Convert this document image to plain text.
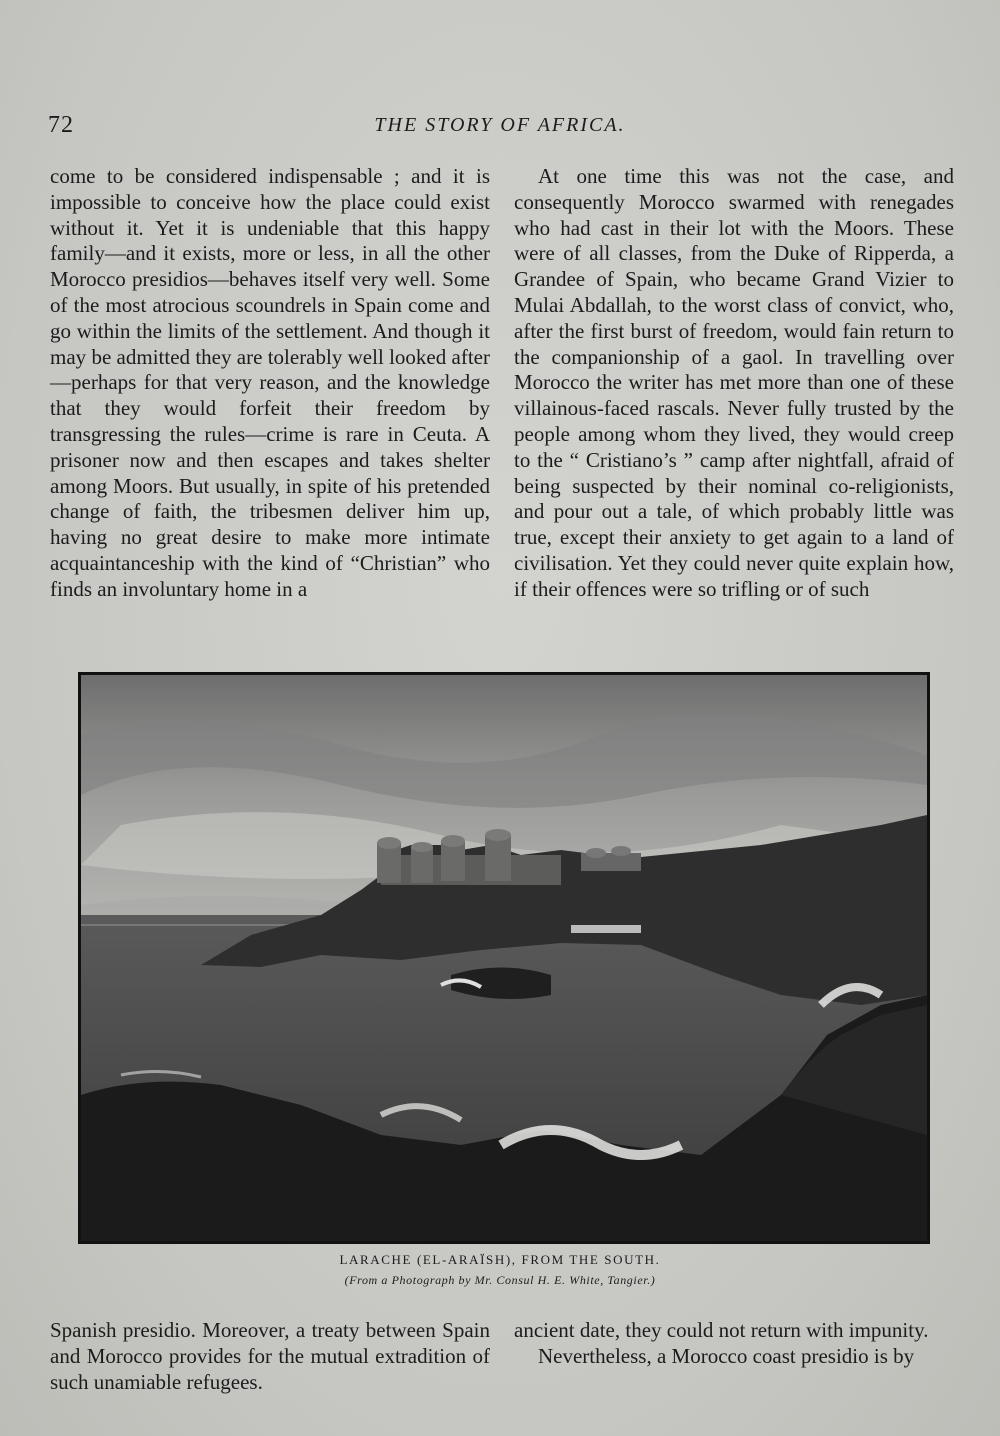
72	THE STORY OF AFRICA.

come to be considered indispensable ; and it is impossible to conceive how the place could exist without it. Yet it is undeniable that this happy family—and it exists, more or less, in all the other Morocco presidios—behaves itself very well. Some of the most atrocious scoundrels in Spain come and go within the limits of the settlement. And though it may be admitted they are tolerably well looked after—perhaps for that very reason, and the knowledge that they would forfeit their freedom by transgressing the rules—crime is rare in Ceuta. A prisoner now and then escapes and takes shelter among Moors. But usually, in spite of his pretended change of faith, the tribesmen deliver him up, having no great desire to make more intimate acquaintanceship with the kind of “Christian” who finds an involuntary home in a

At one time this was not the case, and consequently Morocco swarmed with renegades who had cast in their lot with the Moors. These were of all classes, from the Duke of Ripperda, a Grandee of Spain, who became Grand Vizier to Mulai Abdallah, to the worst class of convict, who, after the first burst of freedom, would fain return to the companionship of a gaol. In travelling over Morocco the writer has met more than one of these villainous-faced rascals. Never fully trusted by the people among whom they lived, they would creep to the “ Cristiano’s ” camp after nightfall, afraid of being suspected by their nominal co-religionists, and pour out a tale, of which probably little was true, except their anxiety to get again to a land of civilisation. Yet they could never quite explain how, if their offences were so trifling or of such

LARACHE (EL-ARAÏSH), FROM THE SOUTH.
(From a Photograph by Mr. Consul H. E. White, Tangier.)

Spanish presidio. Moreover, a treaty between Spain and Morocco provides for the mutual extradition of such unamiable refugees.

ancient date, they could not return with impunity.

Nevertheless, a Morocco coast presidio is by
